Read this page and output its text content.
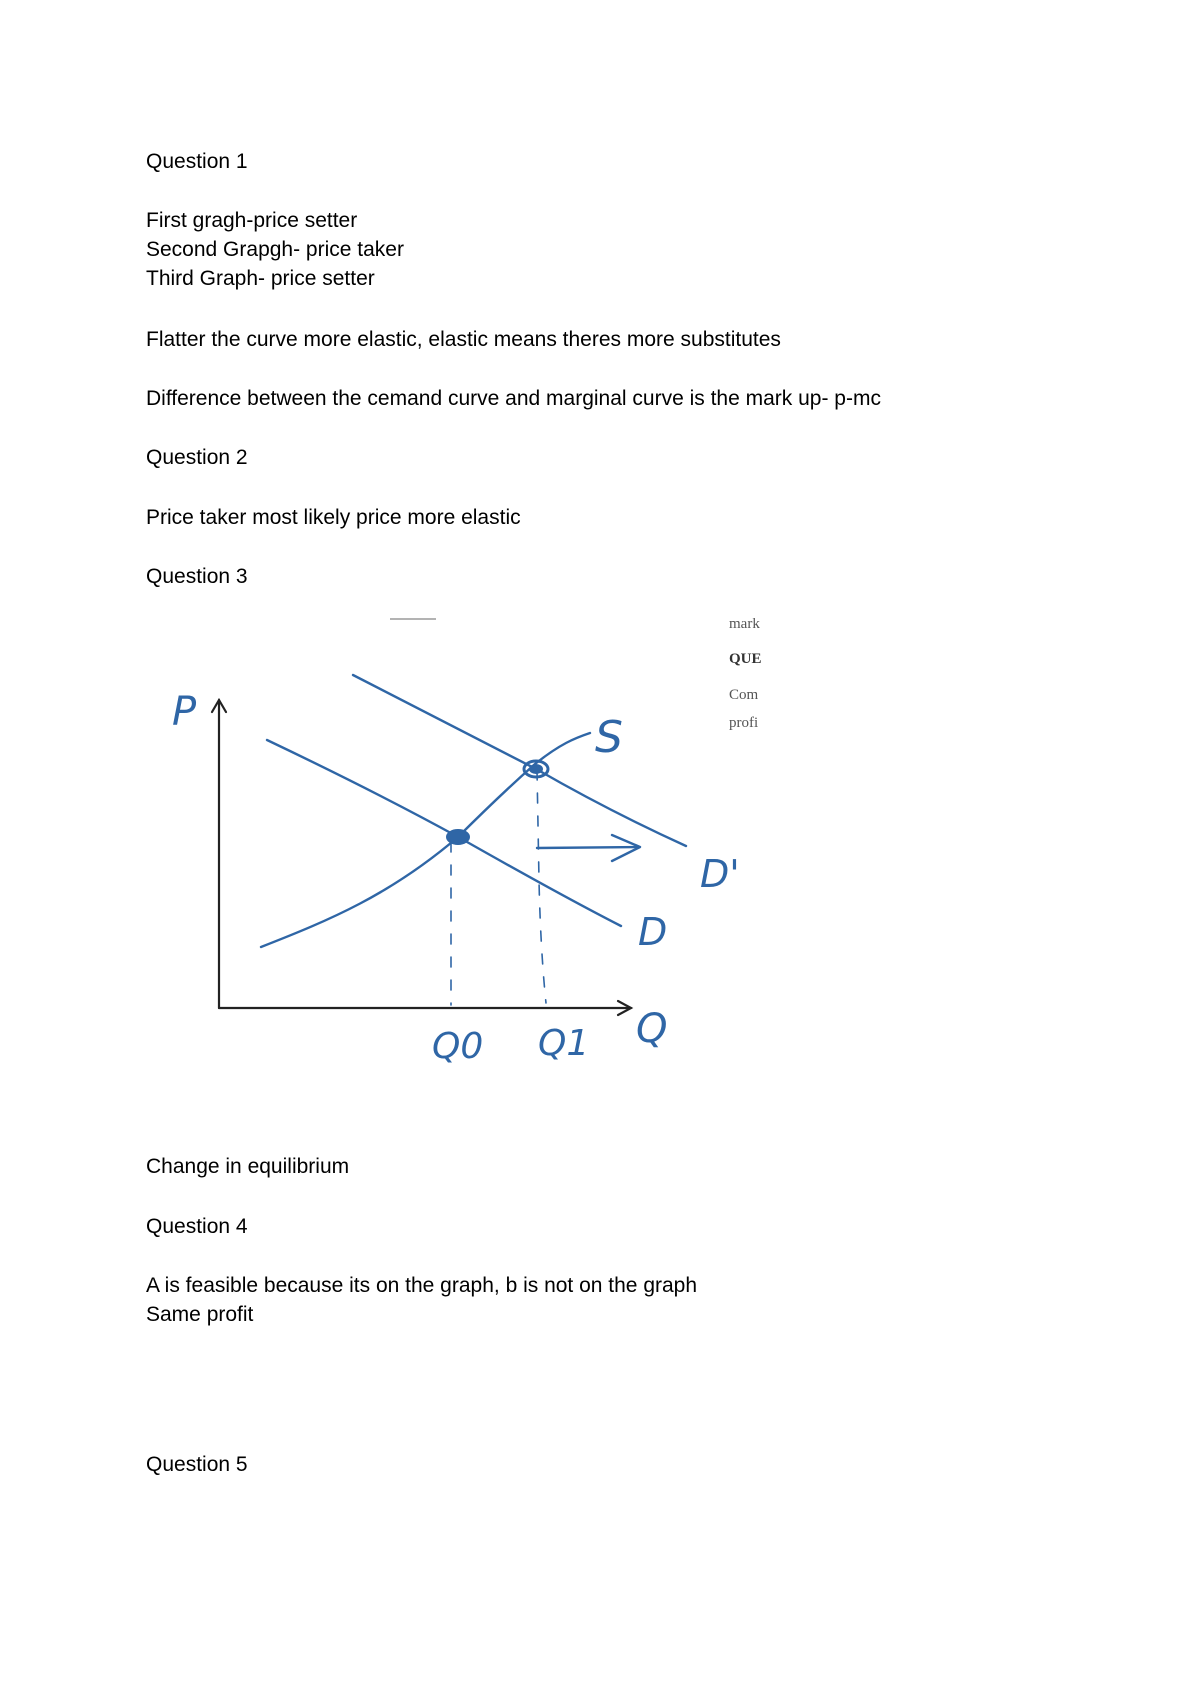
Question 1
First gragh-price setter
Second Grapgh- price taker
Third Graph- price setter
Flatter the curve more elastic, elastic means theres more substitutes
Difference between the cemand curve and marginal curve is the mark up- p-mc
Question 2
Price taker most likely price more elastic
Question 3
mark
QUE
Com
profi
P
Q
S
D
D'
Q0 Q1
Change in equilibrium
Question 4
A is feasible because its on the graph, b is not on the graph
Same profit
Question 5
